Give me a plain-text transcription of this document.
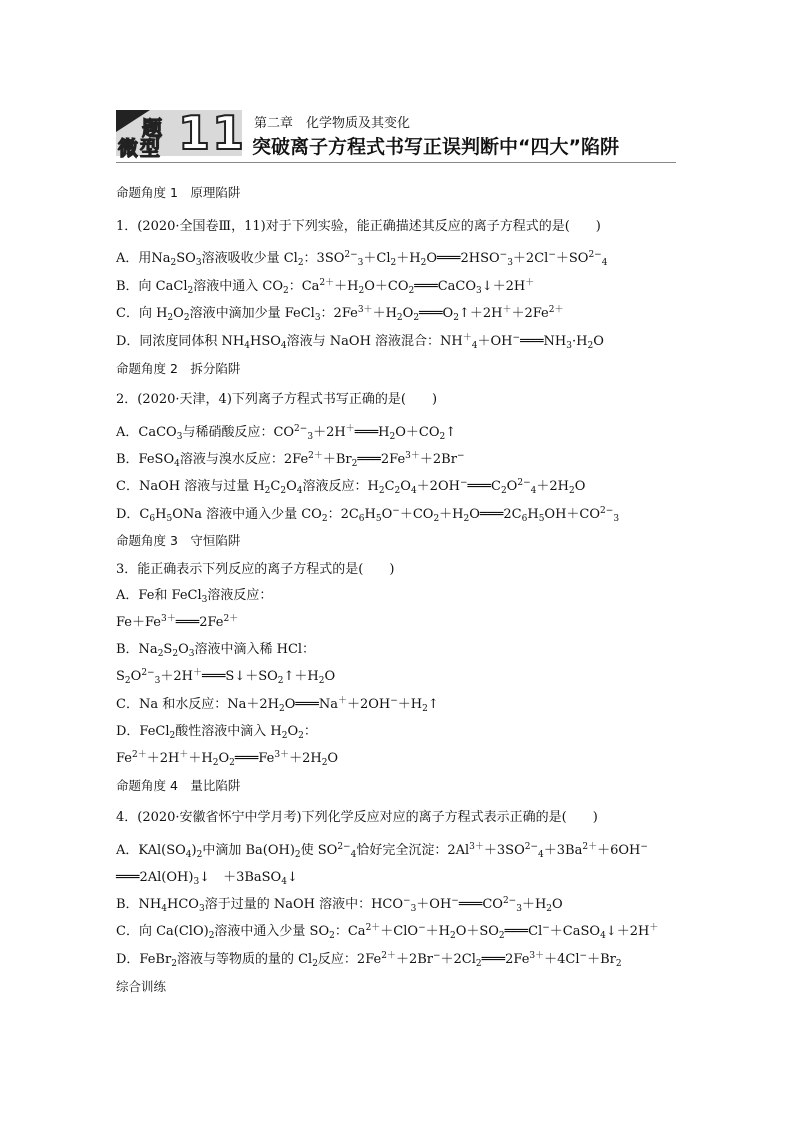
题
微 型 11 第二章　化学物质及其变化
突破离子方程式书写正误判断中“四大”陷阱
命题角度 1　原理陷阱
1．(2020·全国卷Ⅲ，11)对于下列实验，能正确描述其反应的离子方程式的是(　　)
A．用$Na_2SO_3$溶液吸收少量 $Cl_2$：$3SO^{2-}_3+Cl_2+H_2O═══2HSO^-_3+2Cl^-+SO^{2-}_4$
B．向 CaCl$_2$溶液中通入 $CO_2$：$Ca^{2+}+H_2O+CO_2═══CaCO_3↓+2H^+$
C．向 $H_2O_2$溶液中滴加少量 FeCl$_3$：$2Fe^{3+}+H_2O_2═══O_2↑+2H^++2Fe^{2+}$
D．同浓度同体积 $NH_4HSO_4$溶液与 NaOH 溶液混合：$NH^+_4+OH^-═══NH_3\cdot H_2O$
命题角度 2　拆分陷阱
2．(2020·天津，4)下列离子方程式书写正确的是(　　)
A．CaCO$_3$与稀硝酸反应：$CO^{2-}_3+2H^+═══H_2O+CO_2↑$
B．FeSO$_4$溶液与溴水反应：$2Fe^{2+}+Br_2═══2Fe^{3+}+2Br^-$
C．NaOH 溶液与过量 $H_2C_2O_4$溶液反应：$H_2C_2O_4+2OH^-═══C_2O^{2-}_4+2H_2O$
D．$C_6H_5ONa$ 溶液中通入少量 $CO_2$：$2C_6H_5O^-+CO_2+H_2O═══2C_6H_5OH+CO^{2-}_3$
命题角度 3　守恒陷阱
3．能正确表示下列反应的离子方程式的是(　　)
A．Fe和 FeCl$_3$溶液反应：
$Fe+Fe^{3+}═══2Fe^{2+}$
B．$Na_2S_2O_3$溶液中滴入稀 HCl：
$S_2O^{2-}_3+2H^+═══S↓+SO_2↑+H_2O$
C．Na 和水反应：$Na+2H_2O═══Na^++2OH^-+H_2↑$
D．FeCl$_2$酸性溶液中滴入 $H_2O_2$：
$Fe^{2+}+2H^++H_2O_2═══Fe^{3+}+2H_2O$
命题角度 4　量比陷阱
4．(2020·安徽省怀宁中学月考)下列化学反应对应的离子方程式表示正确的是(　　)
A．$KAl(SO_4)_2$中滴加 $Ba(OH)_2$使 $SO^{2-}_4$恰好完全沉淀：$2Al^{3+}+3SO^{2-}_4+3Ba^{2+}+6OH^-$
$═══2Al(OH)_3↓$　＋3BaSO$_4$↓
B．$NH_4HCO_3$溶于过量的 NaOH 溶液中：$HCO^-_3+OH^-═══CO^{2-}_3+H_2O$
C．向 $Ca(ClO)_2$溶液中通入少量 $SO_2$：$Ca^{2+}+ClO^-+H_2O+SO_2═══Cl^-+CaSO_4↓+2H^+$
D．FeBr$_2$溶液与等物质的量的 $Cl_2$反应：$2Fe^{2+}+2Br^-+2Cl_2═══2Fe^{3+}+4Cl^-+Br_2$
综合训练
